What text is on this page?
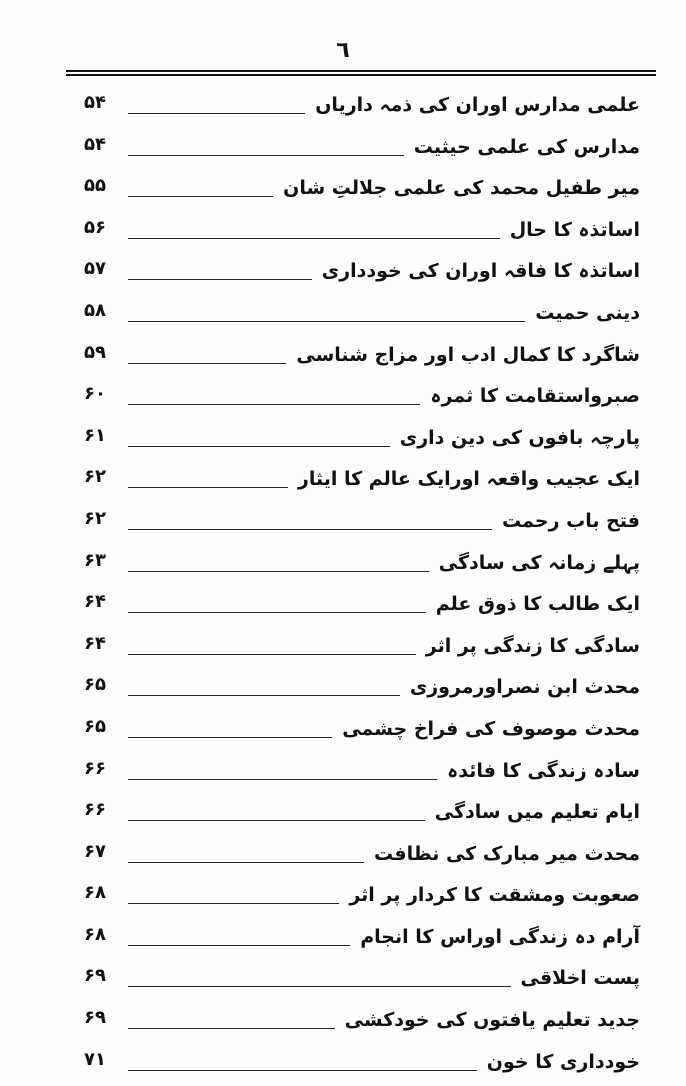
٦
علمی مدارس اوران کی ذمہ داریاں
۵۴
مدارس کی علمی حیثیت
۵۴
میر طفیل محمد کی علمی جلالتِ شان
۵۵
اساتذہ کا حال
۵۶
اساتذہ کا فاقہ اوران کی خودداری
۵۷
دینی حمیت
۵۸
شاگرد کا کمال ادب اور مزاج شناسی
۵۹
صبرواستقامت کا ثمرہ
۶۰
پارچہ بافوں کی دین داری
۶۱
ایک عجیب واقعہ اورایک عالم کا ایثار
۶۲
فتح باب رحمت
۶۲
پہلے زمانہ کی سادگی
۶۳
ایک طالب کا ذوق علم
۶۴
سادگی کا زندگی پر اثر
۶۴
محدث ابن نصراورمروزی
۶۵
محدث موصوف کی فراخ چشمی
۶۵
سادہ زندگی کا فائدہ
۶۶
ایام تعلیم میں سادگی
۶۶
محدث میر مبارک کی نظافت
۶۷
صعوبت ومشقت کا کردار پر اثر
۶۸
آرام دہ زندگی اوراس کا انجام
۶۸
پست اخلاقی
۶۹
جدید تعلیم یافتوں کی خودکشی
۶۹
خودداری کا خون
۷۱
